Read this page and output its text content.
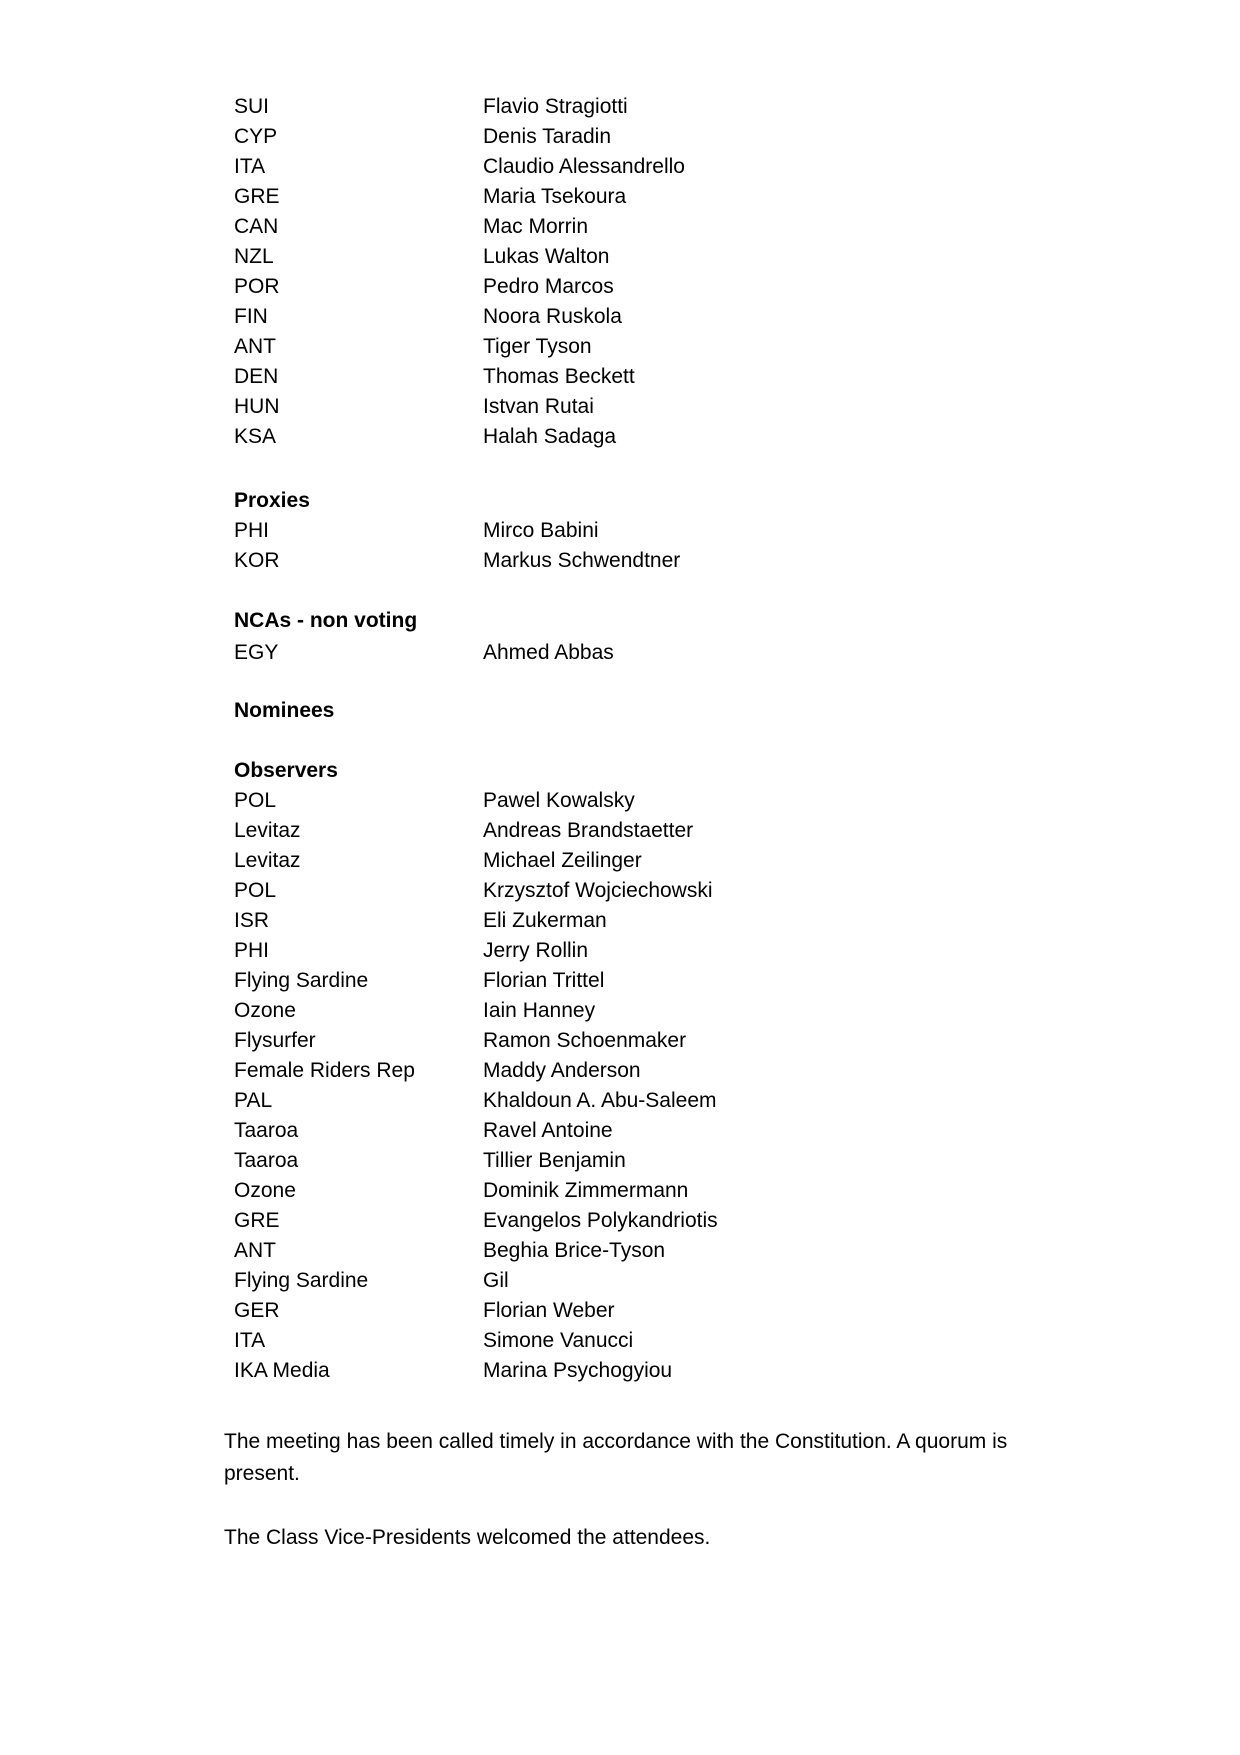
SUI	Flavio Stragiotti
CYP	Denis Taradin
ITA	Claudio Alessandrello
GRE	Maria Tsekoura
CAN	Mac Morrin
NZL	Lukas Walton
POR	Pedro Marcos
FIN	Noora Ruskola
ANT	Tiger Tyson
DEN	Thomas Beckett
HUN	Istvan Rutai
KSA	Halah Sadaga
Proxies
PHI	Mirco Babini
KOR	Markus Schwendtner
NCAs - non voting
EGY	Ahmed Abbas
Nominees
Observers
POL	Pawel Kowalsky
Levitaz	Andreas Brandstaetter
Levitaz	Michael Zeilinger
POL	Krzysztof Wojciechowski
ISR	Eli Zukerman
PHI	Jerry Rollin
Flying Sardine	Florian Trittel
Ozone	Iain Hanney
Flysurfer	Ramon Schoenmaker
Female Riders Rep	Maddy Anderson
PAL	Khaldoun A. Abu-Saleem
Taaroa	Ravel Antoine
Taaroa	Tillier Benjamin
Ozone	Dominik Zimmermann
GRE	Evangelos Polykandriotis
ANT	Beghia Brice-Tyson
Flying Sardine	Gil
GER	Florian Weber
ITA	Simone Vanucci
IKA Media	Marina Psychogyiou
The meeting has been called timely in accordance with the Constitution. A quorum is present.
The Class Vice-Presidents welcomed the attendees.
